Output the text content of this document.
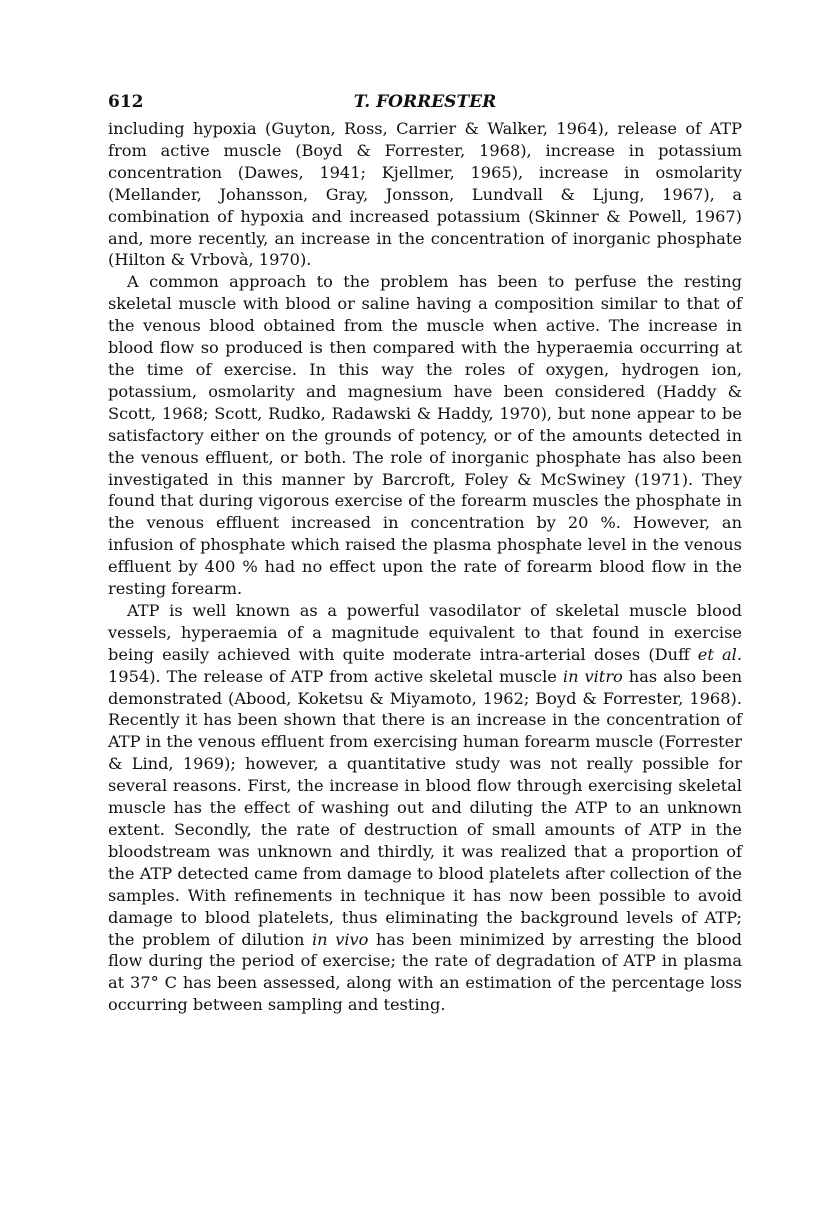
612	T. FORRESTER

including hypoxia (Guyton, Ross, Carrier & Walker, 1964), release of ATP from active muscle (Boyd & Forrester, 1968), increase in potassium concentration (Dawes, 1941; Kjellmer, 1965), increase in osmolarity (Mellander, Johansson, Gray, Jonsson, Lundvall & Ljung, 1967), a combination of hypoxia and increased potassium (Skinner & Powell, 1967) and, more recently, an increase in the concentration of inorganic phosphate (Hilton & Vrbovà, 1970).

A common approach to the problem has been to perfuse the resting skeletal muscle with blood or saline having a composition similar to that of the venous blood obtained from the muscle when active. The increase in blood flow so produced is then compared with the hyperaemia occurring at the time of exercise. In this way the roles of oxygen, hydrogen ion, potassium, osmolarity and magnesium have been considered (Haddy & Scott, 1968; Scott, Rudko, Radawski & Haddy, 1970), but none appear to be satisfactory either on the grounds of potency, or of the amounts detected in the venous effluent, or both. The role of inorganic phosphate has also been investigated in this manner by Barcroft, Foley & McSwiney (1971). They found that during vigorous exercise of the forearm muscles the phosphate in the venous effluent increased in concentration by 20 %. However, an infusion of phosphate which raised the plasma phosphate level in the venous effluent by 400 % had no effect upon the rate of forearm blood flow in the resting forearm.

ATP is well known as a powerful vasodilator of skeletal muscle blood vessels, hyperaemia of a magnitude equivalent to that found in exercise being easily achieved with quite moderate intra-arterial doses (Duff et al. 1954). The release of ATP from active skeletal muscle in vitro has also been demonstrated (Abood, Koketsu & Miyamoto, 1962; Boyd & Forrester, 1968). Recently it has been shown that there is an increase in the concentration of ATP in the venous effluent from exercising human forearm muscle (Forrester & Lind, 1969); however, a quantitative study was not really possible for several reasons. First, the increase in blood flow through exercising skeletal muscle has the effect of washing out and diluting the ATP to an unknown extent. Secondly, the rate of destruction of small amounts of ATP in the bloodstream was unknown and thirdly, it was realized that a proportion of the ATP detected came from damage to blood platelets after collection of the samples. With refinements in technique it has now been possible to avoid damage to blood platelets, thus eliminating the background levels of ATP; the problem of dilution in vivo has been minimized by arresting the blood flow during the period of exercise; the rate of degradation of ATP in plasma at 37° C has been assessed, along with an estimation of the percentage loss occurring between sampling and testing.
